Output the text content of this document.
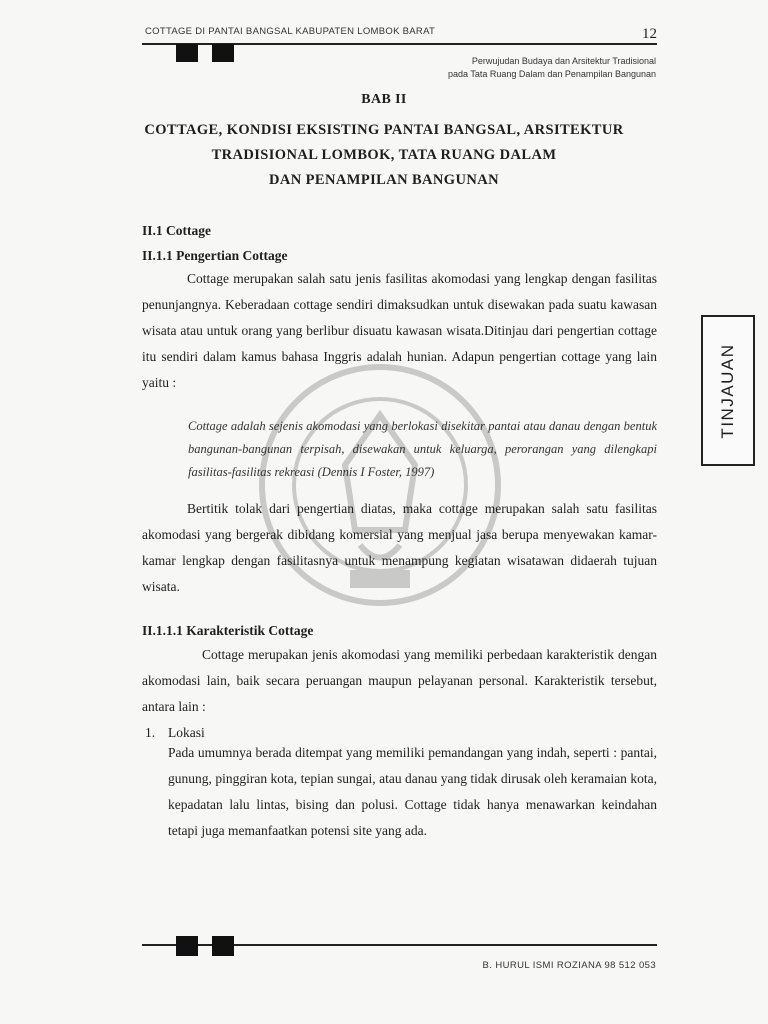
COTTAGE DI PANTAI BANGSAL KABUPATEN LOMBOK BARAT	12
Perwujudan Budaya dan Arsitektur Tradisional
pada Tata Ruang Dalam dan Penampilan Bangunan
BAB II
COTTAGE, KONDISI EKSISTING PANTAI BANGSAL, ARSITEKTUR
TRADISIONAL LOMBOK, TATA RUANG DALAM
DAN PENAMPILAN BANGUNAN
TINJAUAN
II.1 Cottage
II.1.1 Pengertian Cottage

Cottage merupakan salah satu jenis fasilitas akomodasi yang lengkap dengan fasilitas penunjangnya. Keberadaan cottage sendiri dimaksudkan untuk disewakan pada suatu kawasan wisata atau untuk orang yang berlibur disuatu kawasan wisata.Ditinjau dari pengertian cottage itu sendiri dalam kamus bahasa Inggris adalah hunian. Adapun pengertian cottage yang lain yaitu :

Cottage adalah sejenis akomodasi yang berlokasi disekitar pantai atau danau dengan bentuk bangunan-bangunan terpisah, disewakan untuk keluarga, perorangan yang dilengkapi fasilitas-fasilitas rekreasi (Dennis I Foster, 1997)

Bertitik tolak dari pengertian diatas, maka cottage merupakan salah satu fasilitas akomodasi yang bergerak dibidang komersial yang menjual jasa berupa menyewakan kamar-kamar lengkap dengan fasilitasnya untuk menampung kegiatan wisatawan didaerah tujuan wisata.

II.1.1.1 Karakteristik Cottage

Cottage merupakan jenis akomodasi yang memiliki perbedaan karakteristik dengan akomodasi lain, baik secara peruangan maupun pelayanan personal. Karakteristik tersebut, antara lain :

1. Lokasi
Pada umumnya berada ditempat yang memiliki pemandangan yang indah, seperti : pantai, gunung, pinggiran kota, tepian sungai, atau danau yang tidak dirusak oleh keramaian kota, kepadatan lalu lintas, bising dan polusi. Cottage tidak hanya menawarkan keindahan tetapi juga memanfaatkan potensi site yang ada.
B. HURUL ISMI ROZIANA 98 512 053
